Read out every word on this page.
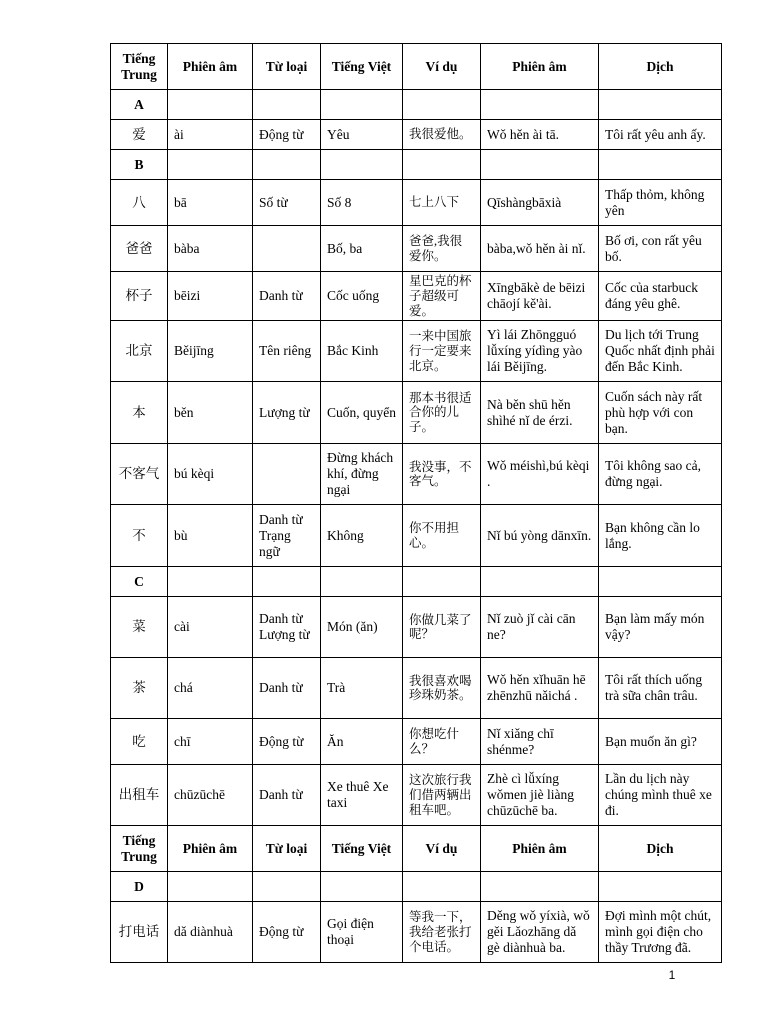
Tiếng Trung	Phiên âm	Từ loại	Tiếng Việt	Ví dụ	Phiên âm	Dịch
A						
爱	ài	Động từ	Yêu	我很爱他。	Wǒ hěn ài tā.	Tôi rất yêu anh ấy.
B						
八	bā	Số từ	Số 8	七上八下	Qīshàngbāxià	Thấp thỏm, không yên
爸爸	bàba		Bố, ba	爸爸,我很爱你。	bàba,wǒ hěn ài nǐ.	Bố ơi, con rất yêu bố.
杯子	bēizi	Danh từ	Cốc uống	星巴克的杯子超级可爱。	Xīngbākè de bēizi chāojí kě'ài.	Cốc của starbuck đáng yêu ghê.
北京	Běijīng	Tên riêng	Bắc Kinh	一来中国旅行一定要来北京。	Yì lái Zhōngguó lǚxíng yídìng yào lái Běijīng.	Du lịch tới Trung Quốc nhất định phải đến Bắc Kinh.
本	běn	Lượng từ	Cuốn, quyển	那本书很适合你的儿子。	Nà běn shū hěn shìhé nǐ de érzi.	Cuốn sách này rất phù hợp với con bạn.
不客气	bú kèqi		Đừng khách khí, đừng ngại	我没事，不客气。	Wǒ méishì,bú kèqi .	Tôi không sao cả, đừng ngại.
不	bù	Danh từ Trạng ngữ	Không	你不用担心。	Nǐ bú yòng dānxīn.	Bạn không cần lo lắng.
C						
菜	cài	Danh từ Lượng từ	Món (ăn)	你做几菜了呢？	Nǐ zuò jǐ cài cān ne?	Bạn làm mấy món vậy?
茶	chá	Danh từ	Trà	我很喜欢喝珍珠奶茶。	Wǒ hěn xǐhuān hē zhēnzhū nǎichá .	Tôi rất thích uống trà sữa chân trâu.
吃	chī	Động từ	Ăn	你想吃什么？	Nǐ xiǎng chī shénme?	Bạn muốn ăn gì?
出租车	chūzūchē	Danh từ	Xe thuê Xe taxi	这次旅行我们借两辆出租车吧。	Zhè cì lǚxíng wǒmen jiè liàng chūzūchē ba.	Lần du lịch này chúng mình thuê xe đi.
Tiếng Trung	Phiên âm	Từ loại	Tiếng Việt	Ví dụ	Phiên âm	Dịch
D						
打电话	dǎ diànhuà	Động từ	Gọi điện thoại	等我一下，我给老张打个电话。	Děng wǒ yíxià, wǒ gěi Lǎozhāng dǎ gè diànhuà ba.	Đợi mình một chút, mình gọi điện cho thầy Trương đã.
1
